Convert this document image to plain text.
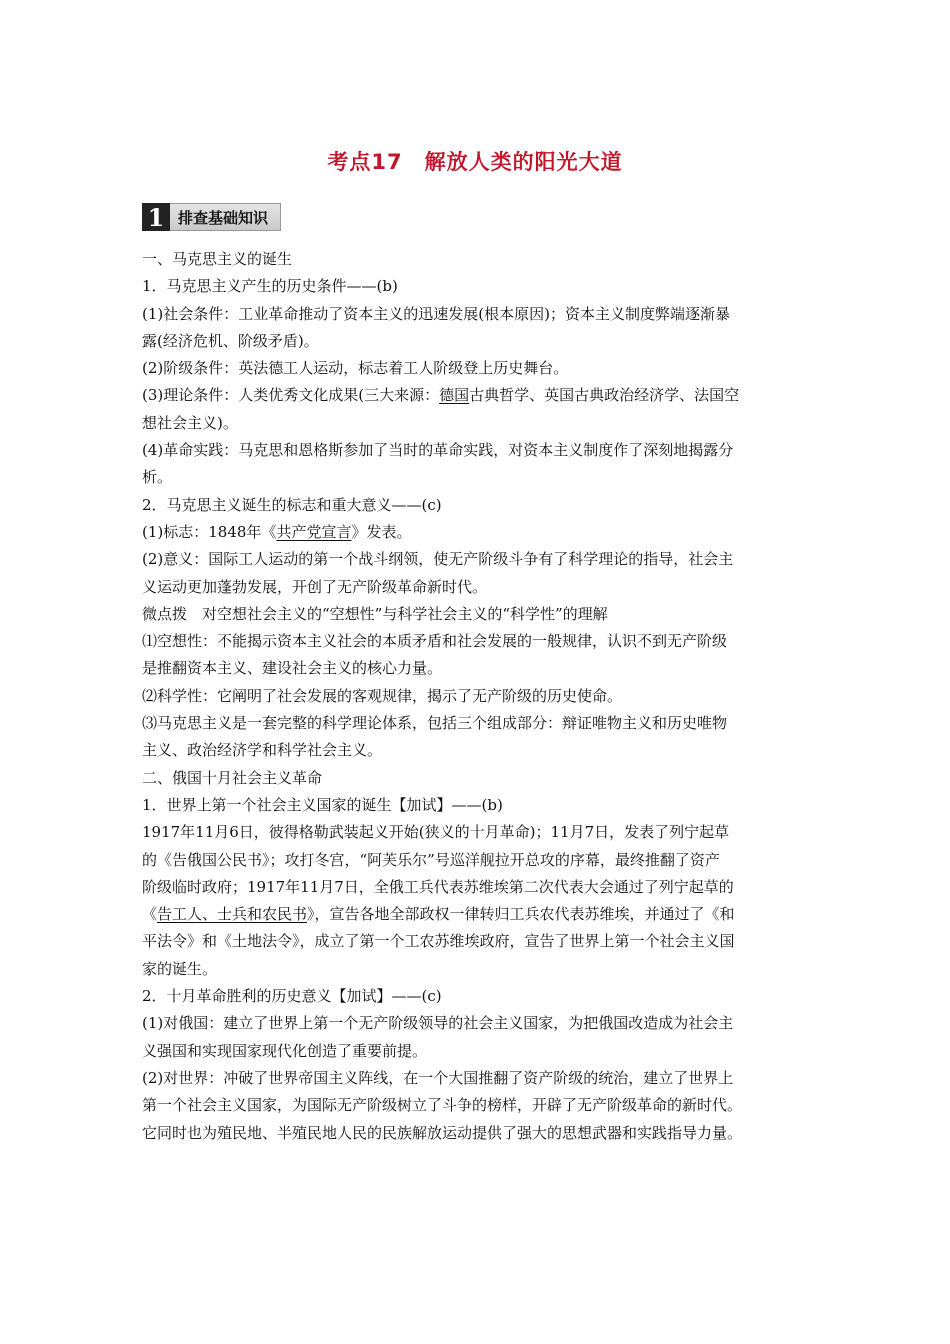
考点17　解放人类的阳光大道
1 排查基础知识
一、马克思主义的诞生
1．马克思主义产生的历史条件——(b)
(1)社会条件：工业革命推动了资本主义的迅速发展(根本原因)；资本主义制度弊端逐渐暴
露(经济危机、阶级矛盾)。
(2)阶级条件：英法德工人运动，标志着工人阶级登上历史舞台。
(3)理论条件：人类优秀文化成果(三大来源：德国古典哲学、英国古典政治经济学、法国空
想社会主义)。
(4)革命实践：马克思和恩格斯参加了当时的革命实践，对资本主义制度作了深刻地揭露分
析。
2．马克思主义诞生的标志和重大意义——(c)
(1)标志：1848年《共产党宣言》发表。
(2)意义：国际工人运动的第一个战斗纲领，使无产阶级斗争有了科学理论的指导，社会主
义运动更加蓬勃发展，开创了无产阶级革命新时代。
微点拨　对空想社会主义的“空想性”与科学社会主义的“科学性”的理解
⑴空想性：不能揭示资本主义社会的本质矛盾和社会发展的一般规律，认识不到无产阶级
是推翻资本主义、建设社会主义的核心力量。
⑵科学性：它阐明了社会发展的客观规律，揭示了无产阶级的历史使命。
⑶马克思主义是一套完整的科学理论体系，包括三个组成部分：辩证唯物主义和历史唯物
主义、政治经济学和科学社会主义。
二、俄国十月社会主义革命
1．世界上第一个社会主义国家的诞生【加试】——(b)
1917年11月6日，彼得格勒武装起义开始(狭义的十月革命)；11月7日，发表了列宁起草
的《告俄国公民书》；攻打冬宫，“阿芙乐尔”号巡洋舰拉开总攻的序幕，最终推翻了资产
阶级临时政府；1917年11月7日，全俄工兵代表苏维埃第二次代表大会通过了列宁起草的
《告工人、士兵和农民书》，宣告各地全部政权一律转归工兵农代表苏维埃，并通过了《和
平法令》和《土地法令》，成立了第一个工农苏维埃政府，宣告了世界上第一个社会主义国
家的诞生。
2．十月革命胜利的历史意义【加试】——(c)
(1)对俄国：建立了世界上第一个无产阶级领导的社会主义国家，为把俄国改造成为社会主
义强国和实现国家现代化创造了重要前提。
(2)对世界：冲破了世界帝国主义阵线，在一个大国推翻了资产阶级的统治，建立了世界上
第一个社会主义国家，为国际无产阶级树立了斗争的榜样，开辟了无产阶级革命的新时代。
它同时也为殖民地、半殖民地人民的民族解放运动提供了强大的思想武器和实践指导力量。
